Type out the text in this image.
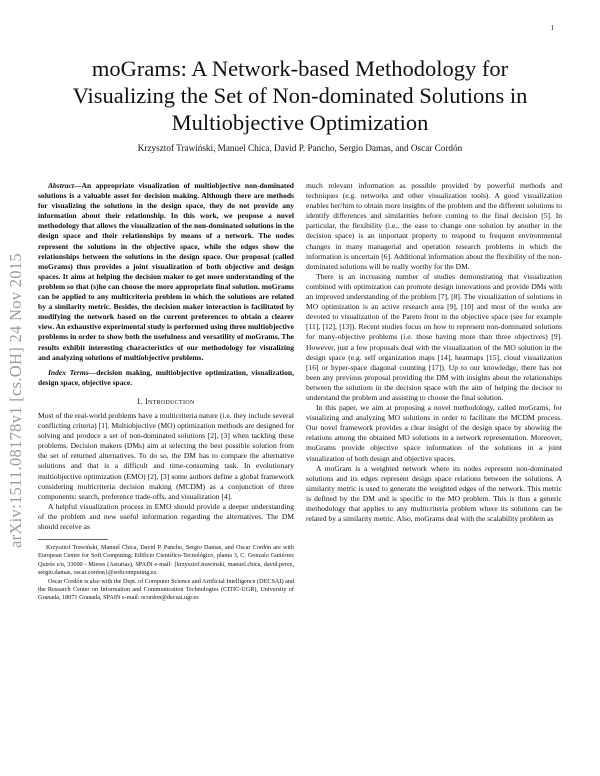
1
arXiv:1511.08178v1 [cs.OH] 24 Nov 2015
moGrams: A Network-based Methodology for
Visualizing the Set of Non-dominated Solutions in
Multiobjective Optimization
Krzysztof Trawiński, Manuel Chica, David P. Pancho, Sergio Damas, and Oscar Cordón

Abstract—An appropriate visualization of multiobjective non-dominated solutions is a valuable asset for decision making. Although there are methods for visualizing the solutions in the design space, they do not provide any information about their relationship. In this work, we propose a novel methodology that allows the visualization of the non-dominated solutions in the design space and their relationships by means of a network. The nodes represent the solutions in the objective space, while the edges show the relationships between the solutions in the design space. Our proposal (called moGrams) thus provides a joint visualization of both objective and design spaces. It aims at helping the decision maker to get more understanding of the problem so that (s)he can choose the more appropriate final solution. moGrams can be applied to any multicriteria problem in which the solutions are related by a similarity metric. Besides, the decision maker interaction is facilitated by modifying the network based on the current preferences to obtain a clearer view. An exhaustive experimental study is performed using three multiobjective problems in order to show both the usefulness and versatility of moGrams. The results exhibit interesting characteristics of our methodology for visualizing and analyzing solutions of multiobjective problems.

Index Terms—decision making, multiobjective optimization, visualization, design space, objective space.

I. Introduction

Most of the real-world problems have a multicriteria nature (i.e. they include several conflicting criteria) [1]. Multiobjective (MO) optimization methods are designed for solving and produce a set of non-dominated solutions [2], [3] when tackling these problems. Decision makers (DMs) aim at selecting the best possible solution from the set of returned alternatives. To do so, the DM has to compare the alternative solutions and that is a difficult and time-consuming task. In evolutionary multiobjective optimization (EMO) [2], [3] some authors define a global framework considering multicriteria decision making (MCDM) as a conjunction of three components: search, preference trade-offs, and visualization [4].

A helpful visualization process in EMO should provide a deeper understanding of the problem and new useful information regarding the alternatives. The DM should receive as

Krzysztof Trawiński, Manuel Chica, David P. Pancho, Sergio Damas, and Oscar Cordón are with European Centre for Soft Computing, Edificio Científico-Tecnológico, planta 3, C. Gonzalo Gutiérrez Quirós s/n, 33600 - Mieres (Asturias), SPAIN e-mail: {krzysztof.trawinski, manuel.chica, david.perez, sergio.damas, oscar.cordon}@softcomputing.es.

Oscar Cordón is also with the Dept. of Computer Science and Artificial Intelligence (DECSAI) and the Research Center on Information and Communication Technologies (CITIC-UGR), University of Granada, 18071 Granada, SPAIN e-mail: ocordon@decsai.ugr.es

much relevant information as possible provided by powerful methods and techniques (e.g. networks and other visualization tools). A good visualization enables her/him to obtain more insights of the problem and the different solutions to identify differences and similarities before coming to the final decision [5]. In particular, the flexibility (i.e., the ease to change one solution by another in the decision space) is an important property to respond to frequent environmental changes in many managerial and operation research problems in which the information is uncertain [6]. Additional information about the flexibility of the non-dominated solutions will be really worthy for the DM.

There is an increasing number of studies demonstrating that visualization combined with optimization can promote design innovations and provide DMs with an improved understanding of the problem [7], [8]. The visualization of solutions in MO optimization is an active research area [9], [10] and most of the works are devoted to visualization of the Pareto front in the objective space (see for example [11], [12], [13]). Recent studies focus on how to represent non-dominated solutions for many-objective problems (i.e. those having more than three objectives) [9]. However, just a few proposals deal with the visualization of the MO solution in the design space (e.g. self organization maps [14], heatmaps [15], cloud visualization [16] or hyper-space diagonal counting [17]). Up to our knowledge, there has not been any previous proposal providing the DM with insights about the relationships between the solutions in the decision space with the aim of helping the decisor to understand the problem and assisting to choose the final solution.

In this paper, we aim at proposing a novel methodology, called moGrams, for visualizing and analyzing MO solutions in order to facilitate the MCDM process. Our novel framework provides a clear insight of the design space by showing the relations among the obtained MO solutions in a network representation. Moreover, moGrams provide objective space information of the solutions in a joint visualization of both design and objective spaces.

A moGram is a weighted network where its nodes represent non-dominated solutions and its edges represent design space relations between the solutions. A similarity metric is used to generate the weighted edges of the network. This metric is defined by the DM and is specific to the MO problem. This is thus a generic methodology that applies to any multicriteria problem where its solutions can be related by a similarity metric. Also, moGrams deal with the scalability problem as
